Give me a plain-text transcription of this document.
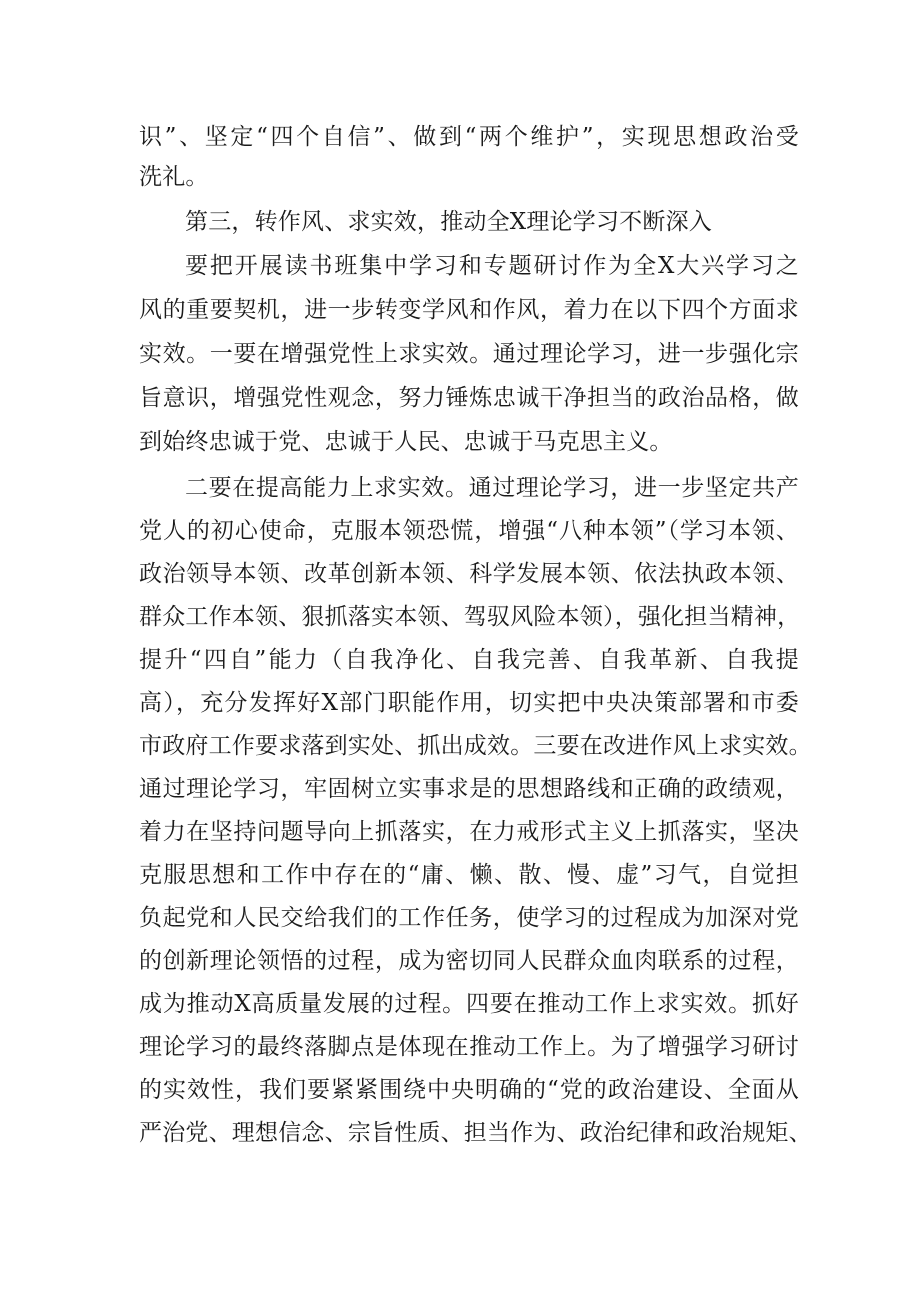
识”、坚定“四个自信”、做到“两个维护”，实现思想政治受
洗礼。
第三，转作风、求实效，推动全X理论学习不断深入
要把开展读书班集中学习和专题研讨作为全X大兴学习之
风的重要契机，进一步转变学风和作风，着力在以下四个方面求
实效。一要在增强党性上求实效。通过理论学习，进一步强化宗
旨意识，增强党性观念，努力锤炼忠诚干净担当的政治品格，做
到始终忠诚于党、忠诚于人民、忠诚于马克思主义。
二要在提高能力上求实效。通过理论学习，进一步坚定共产
党人的初心使命，克服本领恐慌，增强“八种本领”（学习本领、
政治领导本领、改革创新本领、科学发展本领、依法执政本领、
群众工作本领、狠抓落实本领、驾驭风险本领），强化担当精神，
提升“四自”能力（自我净化、自我完善、自我革新、自我提
高），充分发挥好X部门职能作用，切实把中央决策部署和市委
市政府工作要求落到实处、抓出成效。三要在改进作风上求实效。
通过理论学习，牢固树立实事求是的思想路线和正确的政绩观，
着力在坚持问题导向上抓落实，在力戒形式主义上抓落实，坚决
克服思想和工作中存在的“庸、懒、散、慢、虚”习气，自觉担
负起党和人民交给我们的工作任务，使学习的过程成为加深对党
的创新理论领悟的过程，成为密切同人民群众血肉联系的过程，
成为推动X高质量发展的过程。四要在推动工作上求实效。抓好
理论学习的最终落脚点是体现在推动工作上。为了增强学习研讨
的实效性，我们要紧紧围绕中央明确的“党的政治建设、全面从
严治党、理想信念、宗旨性质、担当作为、政治纪律和政治规矩、
